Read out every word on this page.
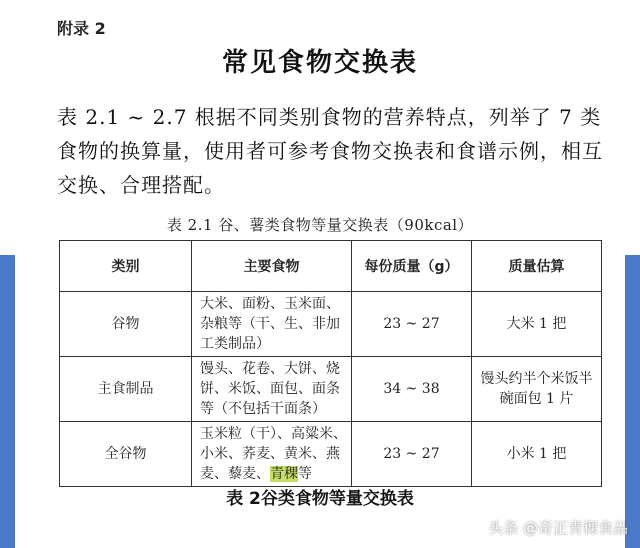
附录 2
常见食物交换表
表 2.1 ~ 2.7 根据不同类别食物的营养特点，列举了 7 类食物的换算量，使用者可参考食物交换表和食谱示例，相互交换、合理搭配。
表 2.1 谷、薯类食物等量交换表（90kcal）
类别	主要食物	每份质量（g）	质量估算
谷物	大米、面粉、玉米面、杂粮等（干、生、非加工类制品）	23 ~ 27	大米 1 把
主食制品	馒头、花卷、大饼、烧饼、米饭、面包、面条等（不包括干面条）	34 ~ 38	馒头约半个米饭半碗面包 1 片
全谷物	玉米粒（干）、高粱米、小米、荞麦、黄米、燕麦、藜麦、青稞等	23 ~ 27	小米 1 把
表 2谷类食物等量交换表
头条 @奇正青稞食品
